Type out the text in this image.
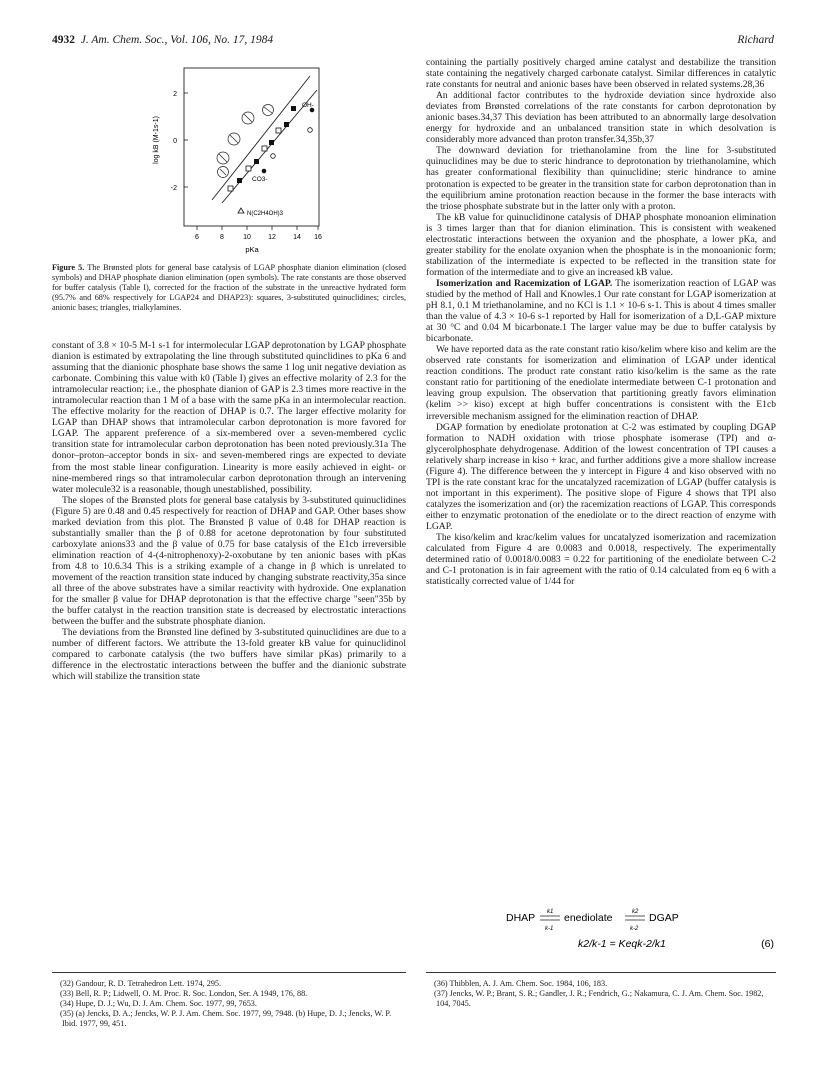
4932 J. Am. Chem. Soc., Vol. 106, No. 17, 1984	Richard
2
0
-2
6	8	10 12 14 16
pKa
log kB (M-1s-1)
OH-
CO3-
N(C2H4OH)3
Figure 5. The Brønsted plots for general base catalysis of LGAP phosphate dianion elimination (closed symbols) and DHAP phosphate dianion elimination (open symbols). The rate constants are those observed for buffer catalysis (Table I), corrected for the fraction of the substrate in the unreactive hydrated form (95.7% and 68% respectively for LGAP24 and DHAP23): squares, 3-substituted quinuclidines; circles, anionic bases; triangles, trialkylamines.

constant of 3.8 × 10-5 M-1 s-1 for intermolecular LGAP deprotonation by LGAP phosphate dianion is estimated by extrapolating the line through substituted quinclidines to pKa 6 and assuming that the dianionic phosphate base shows the same 1 log unit negative deviation as carbonate. Combining this value with k0 (Table I) gives an effective molarity of 2.3 for the intramolecular reaction; i.e., the phosphate dianion of GAP is 2.3 times more reactive in the intramolecular reaction than 1 M of a base with the same pKa in an intermolecular reaction. The effective molarity for the reaction of DHAP is 0.7. The larger effective molarity for LGAP than DHAP shows that intramolecular carbon deprotonation is more favored for LGAP. The apparent preference of a six-membered over a seven-membered cyclic transition state for intramolecular carbon deprotonation has been noted previously.31a The donor–proton–acceptor bonds in six- and seven-membered rings are expected to deviate from the most stable linear configuration. Linearity is more easily achieved in eight- or nine-membered rings so that intramolecular carbon deprotonation through an intervening water molecule32 is a reasonable, though unestablished, possibility.

The slopes of the Brønsted plots for general base catalysis by 3-substituted quinuclidines (Figure 5) are 0.48 and 0.45 respectively for reaction of DHAP and GAP. Other bases show marked deviation from this plot. The Brønsted β value of 0.48 for DHAP reaction is substantially smaller than the β of 0.88 for acetone deprotonation by four substituted carboxylate anions33 and the β value of 0.75 for base catalysis of the E1cb irreversible elimination reaction of 4-(4-nitrophenoxy)-2-oxobutane by ten anionic bases with pKas from 4.8 to 10.6.34 This is a striking example of a change in β which is unrelated to movement of the reaction transition state induced by changing substrate reactivity,35a since all three of the above substrates have a similar reactivity with hydroxide. One explanation for the smaller β value for DHAP deprotonation is that the effective charge "seen"35b by the buffer catalyst in the reaction transition state is decreased by electrostatic interactions between the buffer and the substrate phosphate dianion.

The deviations from the Brønsted line defined by 3-substituted quinuclidines are due to a number of different factors. We attribute the 13-fold greater kB value for quinuclidinol compared to carbonate catalysis (the two buffers have similar pKas) primarily to a difference in the electrostatic interactions between the buffer and the dianionic substrate which will stabilize the transition state

containing the partially positively charged amine catalyst and destabilize the transition state containing the negatively charged carbonate catalyst. Similar differences in catalytic rate constants for neutral and anionic bases have been observed in related systems.28,36

An additional factor contributes to the hydroxide deviation since hydroxide also deviates from Brønsted correlations of the rate constants for carbon deprotonation by anionic bases.34,37 This deviation has been attributed to an abnormally large desolvation energy for hydroxide and an unbalanced transition state in which desolvation is considerably more advanced than proton transfer.34,35b,37

The downward deviation for triethanolamine from the line for 3-substituted quinuclidines may be due to steric hindrance to deprotonation by triethanolamine, which has greater conformational flexibility than quinuclidine; steric hindrance to amine protonation is expected to be greater in the transition state for carbon deprotonation than in the equilibrium amine protonation reaction because in the former the base interacts with the triose phosphate substrate but in the latter only with a proton.

The kB value for quinuclidinone catalysis of DHAP phosphate monoanion elimination is 3 times larger than that for dianion elimination. This is consistent with weakened electrostatic interactions between the oxyanion and the phosphate, a lower pKa, and greater stability for the enolate oxyanion when the phosphate is in the monoanionic form; stabilization of the intermediate is expected to be reflected in the transition state for formation of the intermediate and to give an increased kB value.

Isomerization and Racemization of LGAP. The isomerization reaction of LGAP was studied by the method of Hall and Knowles.1 Our rate constant for LGAP isomerization at pH 8.1, 0.1 M triethanolamine, and no KCl is 1.1 × 10-6 s-1. This is about 4 times smaller than the value of 4.3 × 10-6 s-1 reported by Hall for isomerization of a D,L-GAP mixture at 30 °C and 0.04 M bicarbonate.1 The larger value may be due to buffer catalysis by bicarbonate.

We have reported data as the rate constant ratio kiso/kelim where kiso and kelim are the observed rate constants for isomerization and elimination of LGAP under identical reaction conditions. The product rate constant ratio kiso/kelim is the same as the rate constant ratio for partitioning of the enediolate intermediate between C-1 protonation and leaving group expulsion. The observation that partitioning greatly favors elimination (kelim >> kiso) except at high buffer concentrations is consistent with the E1cb irreversible mechanism assigned for the elimination reaction of DHAP.

DGAP formation by enediolate protonation at C-2 was estimated by coupling DGAP formation to NADH oxidation with triose phosphate isomerase (TPI) and α-glycerolphosphate dehydrogenase. Addition of the lowest concentration of TPI causes a relatively sharp increase in kiso + krac, and further additions give a more shallow increase (Figure 4). The difference between the y intercept in Figure 4 and kiso observed with no TPI is the rate constant krac for the uncatalyzed racemization of LGAP (buffer catalysis is not important in this experiment). The positive slope of Figure 4 shows that TPI also catalyzes the isomerization and (or) the racemization reactions of LGAP. This corresponds either to enzymatic protonation of the enediolate or to the direct reaction of enzyme with LGAP.

The kiso/kelim and krac/kelim values for uncatalyzed isomerization and racemization calculated from Figure 4 are 0.0083 and 0.0018, respectively. The experimentally determined ratio of 0.0018/0.0083 = 0.22 for partitioning of the enediolate between C-2 and C-1 protonation is in fair agreement with the ratio of 0.14 calculated from eq 6 with a statistically corrected value of 1/44 for

DHAP k1
k-1
enediolate	k2
k-2
DGAP
k2/k-1 = Keqk-2/k1	(6)
(32) Gandour, R. D. Tetrahedron Lett. 1974, 295.
(33) Bell, R. P.; Lidwell, O. M. Proc. R. Soc. London, Ser. A 1949, 176, 88.
(34) Hupe, D. J.; Wu, D. J. Am. Chem. Soc. 1977, 99, 7653.
(35) (a) Jencks, D. A.; Jencks, W. P. J. Am. Chem. Soc. 1977, 99, 7948. (b) Hupe, D. J.; Jencks, W. P. Ibid. 1977, 99, 451.
(36) Thibblen, A. J. Am. Chem. Soc. 1984, 106, 183.
(37) Jencks, W. P.; Brant, S. R.; Gandler, J. R.; Fendrich, G.; Nakamura, C. J. Am. Chem. Soc. 1982, 104, 7045.
